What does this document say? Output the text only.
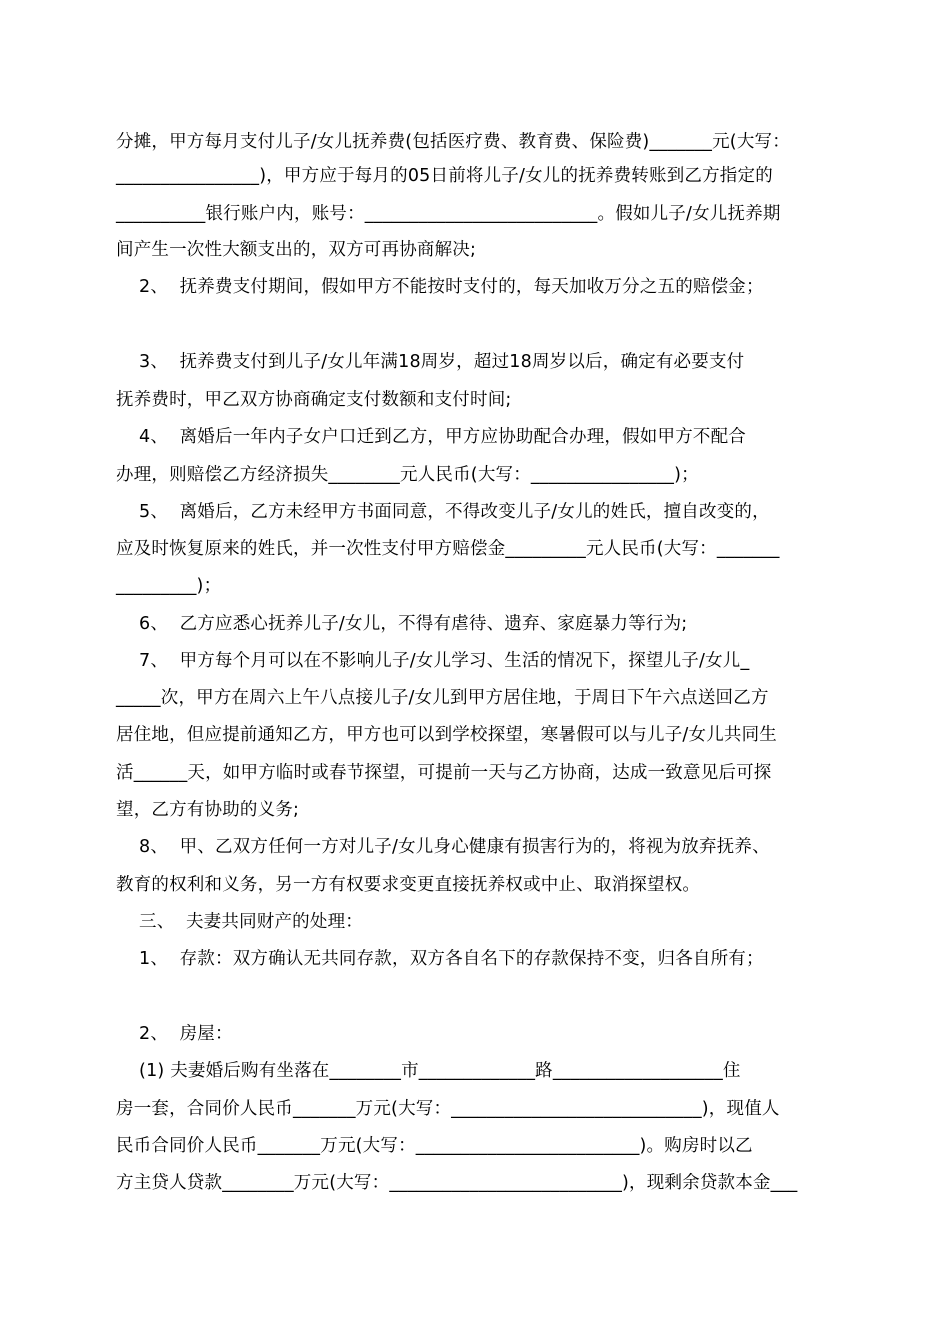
分摊，甲方每月支付儿子/女儿抚养费(包括医疗费、教育费、保险费)_______元(大写：
________________)，甲方应于每月的05日前将儿子/女儿的抚养费转账到乙方指定的
__________银行账户内，账号：__________________________。假如儿子/女儿抚养期
间产生一次性大额支出的，双方可再协商解决;
2、  抚养费支付期间，假如甲方不能按时支付的，每天加收万分之五的赔偿金；
3、  抚养费支付到儿子/女儿年满18周岁，超过18周岁以后，确定有必要支付
抚养费时，甲乙双方协商确定支付数额和支付时间;
4、  离婚后一年内子女户口迁到乙方，甲方应协助配合办理，假如甲方不配合
办理，则赔偿乙方经济损失________元人民币(大写：________________)；
5、  离婚后，乙方未经甲方书面同意，不得改变儿子/女儿的姓氏，擅自改变的，
应及时恢复原来的姓氏，并一次性支付甲方赔偿金_________元人民币(大写：_______
_________)；
6、  乙方应悉心抚养儿子/女儿，不得有虐待、遗弃、家庭暴力等行为;
7、  甲方每个月可以在不影响儿子/女儿学习、生活的情况下，探望儿子/女儿_
_____次，甲方在周六上午八点接儿子/女儿到甲方居住地，于周日下午六点送回乙方
居住地，但应提前通知乙方，甲方也可以到学校探望，寒暑假可以与儿子/女儿共同生
活______天，如甲方临时或春节探望，可提前一天与乙方协商，达成一致意见后可探
望，乙方有协助的义务;
8、  甲、乙双方任何一方对儿子/女儿身心健康有损害行为的，将视为放弃抚养、
教育的权利和义务，另一方有权要求变更直接抚养权或中止、取消探望权。
三、  夫妻共同财产的处理：
1、  存款：双方确认无共同存款，双方各自名下的存款保持不变，归各自所有；
2、  房屋：
(1) 夫妻婚后购有坐落在________市_____________路___________________住
房一套，合同价人民币_______万元(大写：____________________________)，现值人
民币合同价人民币_______万元(大写：_________________________)。购房时以乙
方主贷人贷款________万元(大写：__________________________)，现剩余贷款本金___
